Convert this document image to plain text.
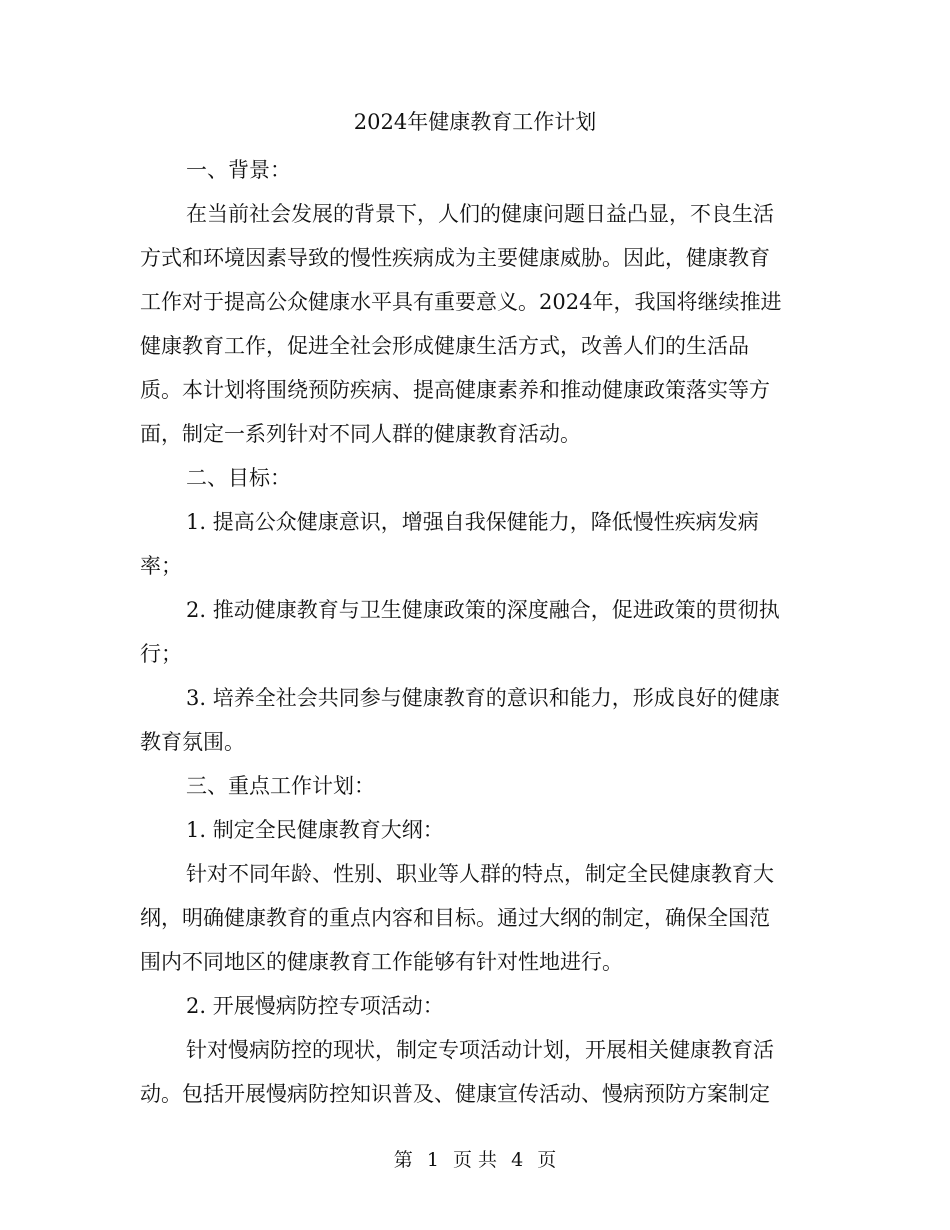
2024年健康教育工作计划
一、背景：
在当前社会发展的背景下，人们的健康问题日益凸显，不良生活
方式和环境因素导致的慢性疾病成为主要健康威胁。因此，健康教育
工作对于提高公众健康水平具有重要意义。2024年，我国将继续推进
健康教育工作，促进全社会形成健康生活方式，改善人们的生活品
质。本计划将围绕预防疾病、提高健康素养和推动健康政策落实等方
面，制定一系列针对不同人群的健康教育活动。
二、目标：
1. 提高公众健康意识，增强自我保健能力，降低慢性疾病发病
率；
2. 推动健康教育与卫生健康政策的深度融合，促进政策的贯彻执
行；
3. 培养全社会共同参与健康教育的意识和能力，形成良好的健康
教育氛围。
三、重点工作计划：
1. 制定全民健康教育大纲：
针对不同年龄、性别、职业等人群的特点，制定全民健康教育大
纲，明确健康教育的重点内容和目标。通过大纲的制定，确保全国范
围内不同地区的健康教育工作能够有针对性地进行。
2. 开展慢病防控专项活动：
针对慢病防控的现状，制定专项活动计划，开展相关健康教育活
动。包括开展慢病防控知识普及、健康宣传活动、慢病预防方案制定
第 1 页 共 4 页
